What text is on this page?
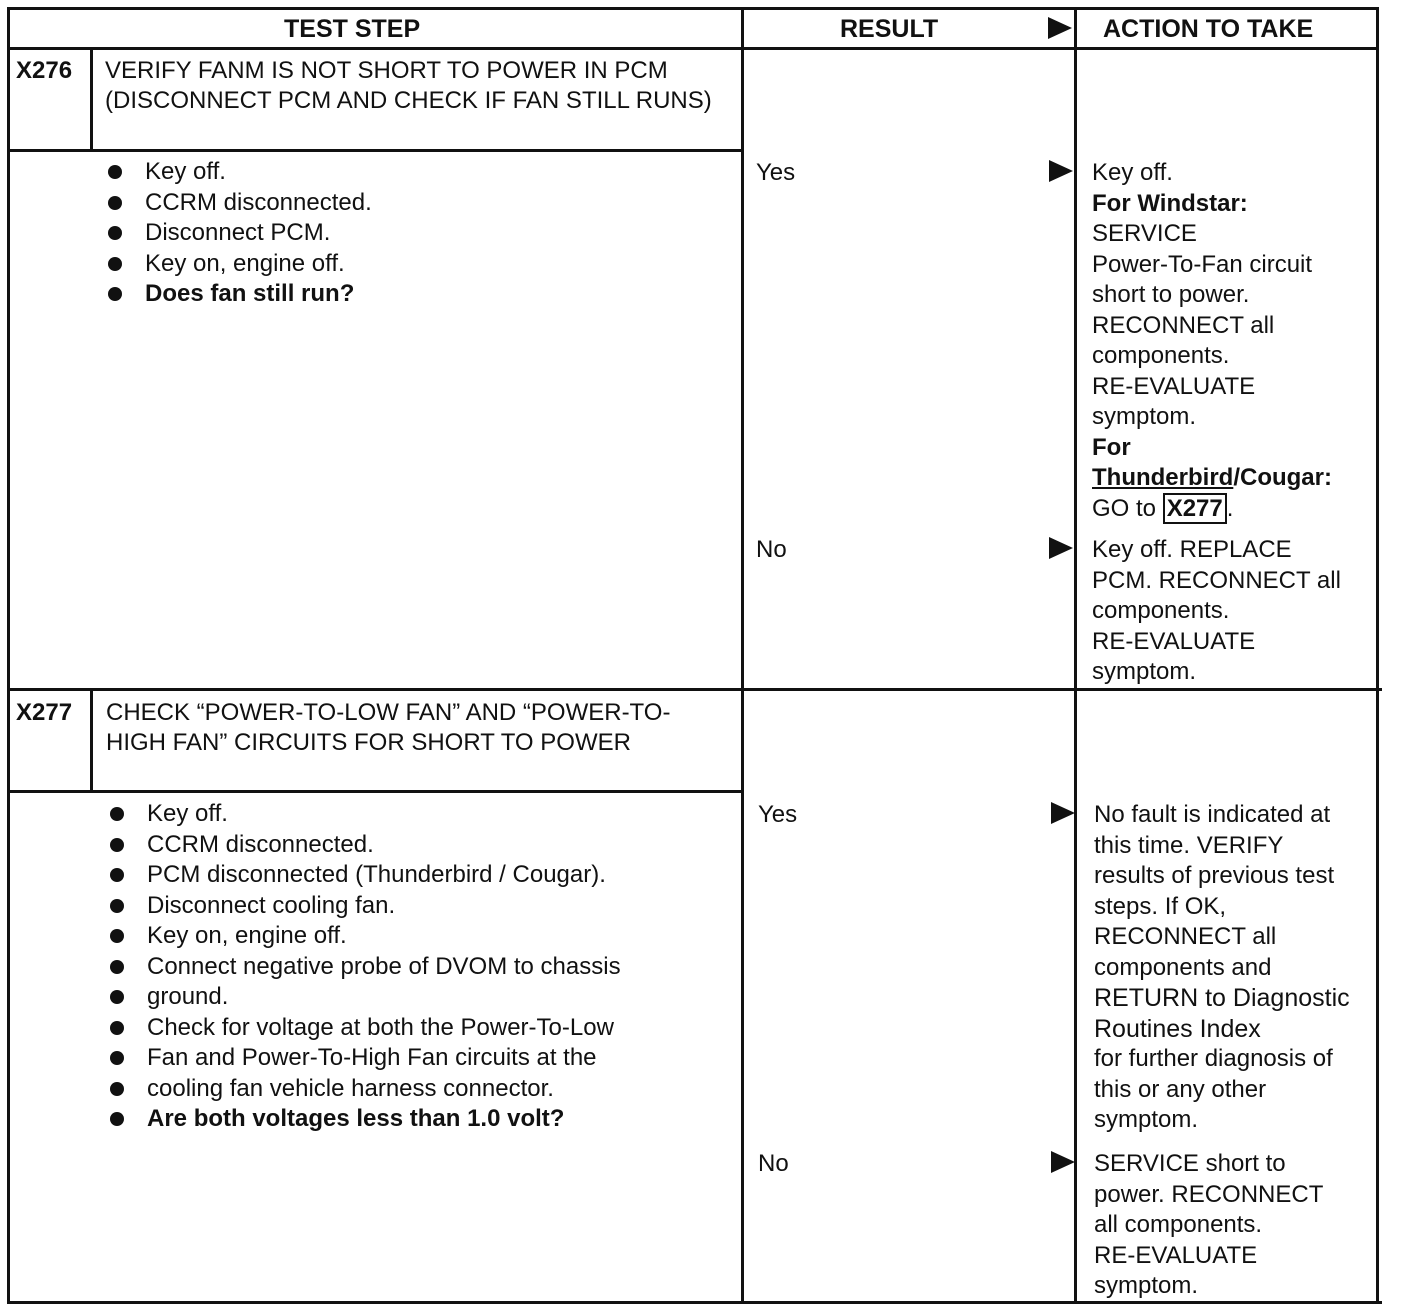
TEST STEP	RESULT	ACTION TO TAKE
X276 VERIFY FANM IS NOT SHORT TO POWER IN PCM (DISCONNECT PCM AND CHECK IF FAN STILL RUNS)
Key off.
CCRM disconnected.
Disconnect PCM.
Key on, engine off.
Does fan still run?
Yes	Key off.
For Windstar:
SERVICE
Power-To-Fan circuit
short to power.
RECONNECT all
components.
RE-EVALUATE
symptom.
For
Thunderbird/Cougar:
GO to X277 .
No	Key off. REPLACE
PCM. RECONNECT all
components.
RE-EVALUATE
symptom.
X277 CHECK “POWER-TO-LOW FAN” AND “POWER-TO-HIGH FAN” CIRCUITS FOR SHORT TO POWER
Key off.
CCRM disconnected.
PCM disconnected (Thunderbird / Cougar).
Disconnect cooling fan.
Key on, engine off.
Connect negative probe of DVOM to chassis
ground.
Check for voltage at both the Power-To-Low
Fan and Power-To-High Fan circuits at the
cooling fan vehicle harness connector.
Are both voltages less than 1.0 volt?
Yes	No fault is indicated at
this time. VERIFY
results of previous test
steps. If OK,
RECONNECT all
components and
RETURN to Diagnostic
Routines Index
for further diagnosis of
this or any other
symptom.
No	SERVICE short to
power. RECONNECT
all components.
RE-EVALUATE
symptom.
